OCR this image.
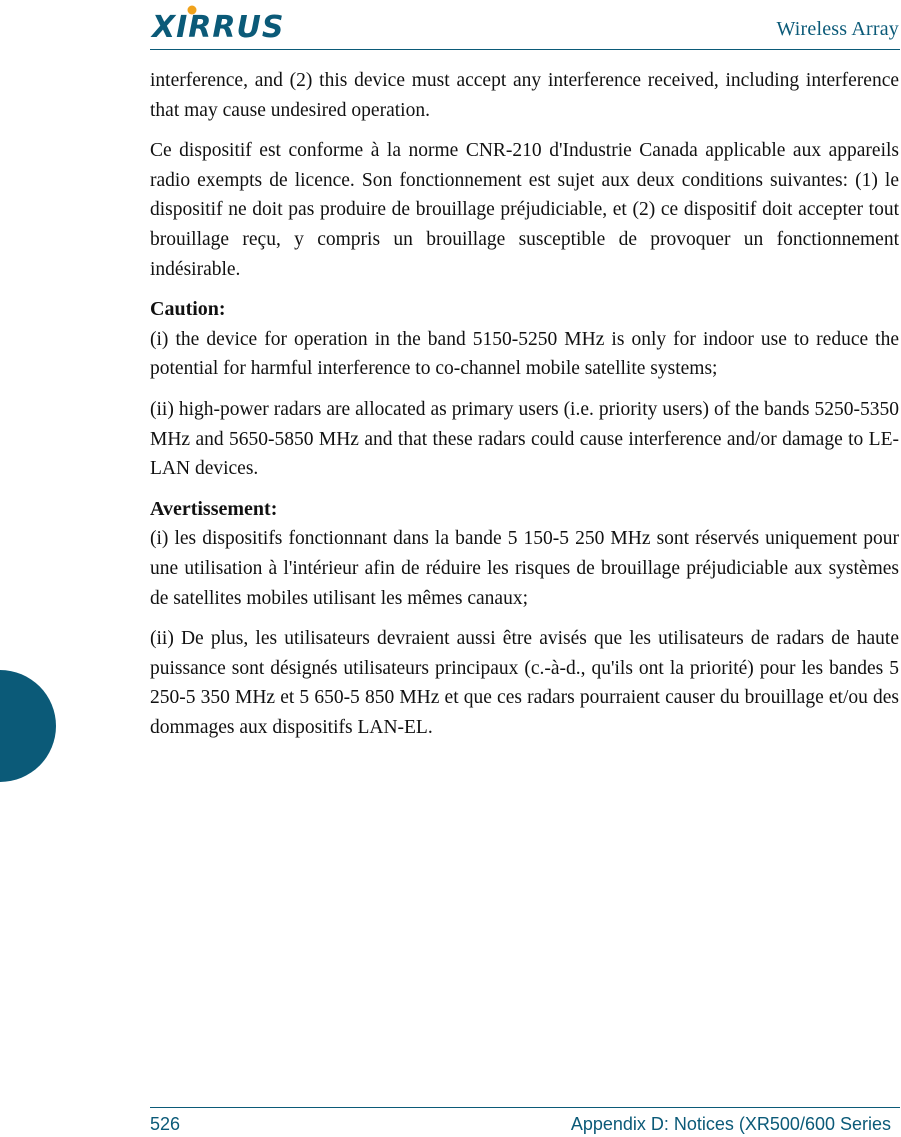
XIRRUS	Wireless Array

interference, and (2) this device must accept any interference received, including interference that may cause undesired operation.

Ce dispositif est conforme à la norme CNR-210 d'Industrie Canada applicable aux appareils radio exempts de licence. Son fonctionnement est sujet aux deux conditions suivantes: (1) le dispositif ne doit pas produire de brouillage préjudiciable, et (2) ce dispositif doit accepter tout brouillage reçu, y compris un brouillage susceptible de provoquer un fonctionnement indésirable.

Caution:

(i) the device for operation in the band 5150-5250 MHz is only for indoor use to reduce the potential for harmful interference to co-channel mobile satellite systems;

(ii) high-power radars are allocated as primary users (i.e. priority users) of the bands 5250-5350 MHz and 5650-5850 MHz and that these radars could cause interference and/or damage to LE-LAN devices.

Avertissement:

(i) les dispositifs fonctionnant dans la bande 5 150-5 250 MHz sont réservés uniquement pour une utilisation à l'intérieur afin de réduire les risques de brouillage préjudiciable aux systèmes de satellites mobiles utilisant les mêmes canaux;

(ii) De plus, les utilisateurs devraient aussi être avisés que les utilisateurs de radars de haute puissance sont désignés utilisateurs principaux (c.-à-d., qu'ils ont la priorité) pour les bandes 5 250-5 350 MHz et 5 650-5 850 MHz et que ces radars pourraient causer du brouillage et/ou des dommages aux dispositifs LAN-EL.

526	Appendix D: Notices (XR500/600 Series
